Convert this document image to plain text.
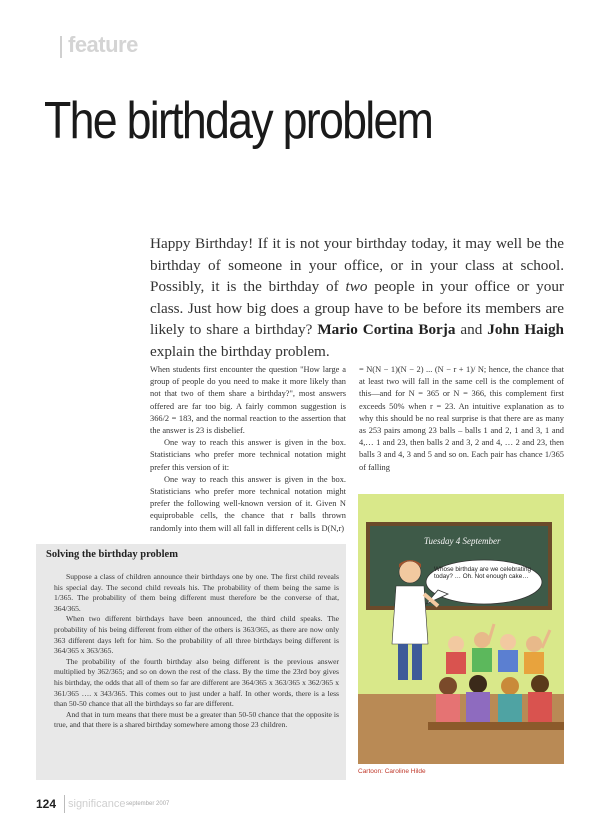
feature
The birthday problem
Happy Birthday! If it is not your birthday today, it may well be the birthday of someone in your office, or in your class at school. Possibly, it is the birthday of two people in your office or your class. Just how big does a group have to be before its members are likely to share a birthday? Mario Cortina Borja and John Haigh explain the birthday problem.

When students first encounter the question "How large a group of people do you need to make it more likely than not that two of them share a birthday?", most answers offered are far too big. A fairly common suggestion is 366/2 = 183, and the normal reaction to the assertion that the answer is 23 is disbelief.

One way to reach this answer is given in the box. Statisticians who prefer more technical notation might prefer this version of it:

One way to reach this answer is given in the box. Statisticians who prefer more technical notation might prefer the following well-known version of it. Given N equiprobable cells, the chance that r balls thrown randomly into them will all fall in different cells is D(N,r)

= N(N − 1)(N − 2) ... (N − r + 1)/ N; hence, the chance that at least two will fall in the same cell is the complement of this—and for N = 365 or N = 366, this complement first exceeds 50% when r = 23. An intuitive explanation as to why this should be no real surprise is that there are as many as 253 pairs among 23 balls – balls 1 and 2, 1 and 3, 1 and 4,… 1 and 23, then balls 2 and 3, 2 and 4, … 2 and 23, then balls 3 and 4, 3 and 5 and so on. Each pair has chance 1/365 of falling

Solving the birthday problem

Suppose a class of children announce their birthdays one by one. The first child reveals his special day. The second child reveals his. The probability of them being the same is 1/365. The probability of them being different must therefore be the converse of that, 364/365.

When two different birthdays have been announced, the third child speaks. The probability of his being different from either of the others is 363/365, as there are now only 363 different days left for him. So the probability of all three birthdays being different is 364/365 x 363/365.

The probability of the fourth birthday also being different is the previous answer multiplied by 362/365; and so on down the rest of the class. By the time the 23rd boy gives his birthday, the odds that all of them so far are different are 364/365 x 363/365 x 362/365 x 361/365 …. x 343/365. This comes out to just under a half. In other words, there is a less than 50-50 chance that all the birthdays so far are different.

And that in turn means that there must be a greater than 50-50 chance that the opposite is true, and that there is a shared birthday somewhere among those 23 children.

Tuesday 4 September
Whose birthday are we celebrating today? … Oh. Not enough cake…
Cartoon: Caroline Hilde
124 significance september 2007
